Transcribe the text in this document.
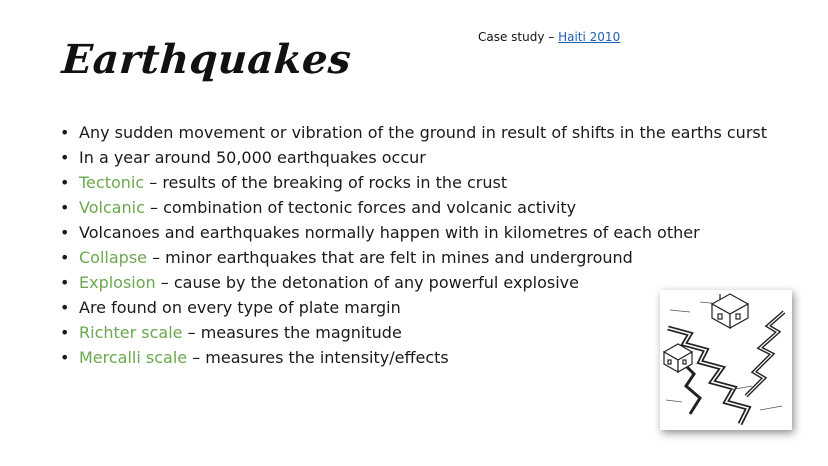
Case study – Haiti 2010
Earthquakes
• Any sudden movement or vibration of the ground in result of shifts in the earths curst
• In a year around 50,000 earthquakes occur
• Tectonic – results of the breaking of rocks in the crust
• Volcanic – combination of tectonic forces and volcanic activity
• Volcanoes and earthquakes normally happen with in kilometres of each other
• Collapse – minor earthquakes that are felt in mines and underground
• Explosion – cause by the detonation of any powerful explosive
• Are found on every type of plate margin
• Richter scale – measures the magnitude
• Mercalli scale – measures the intensity/effects
